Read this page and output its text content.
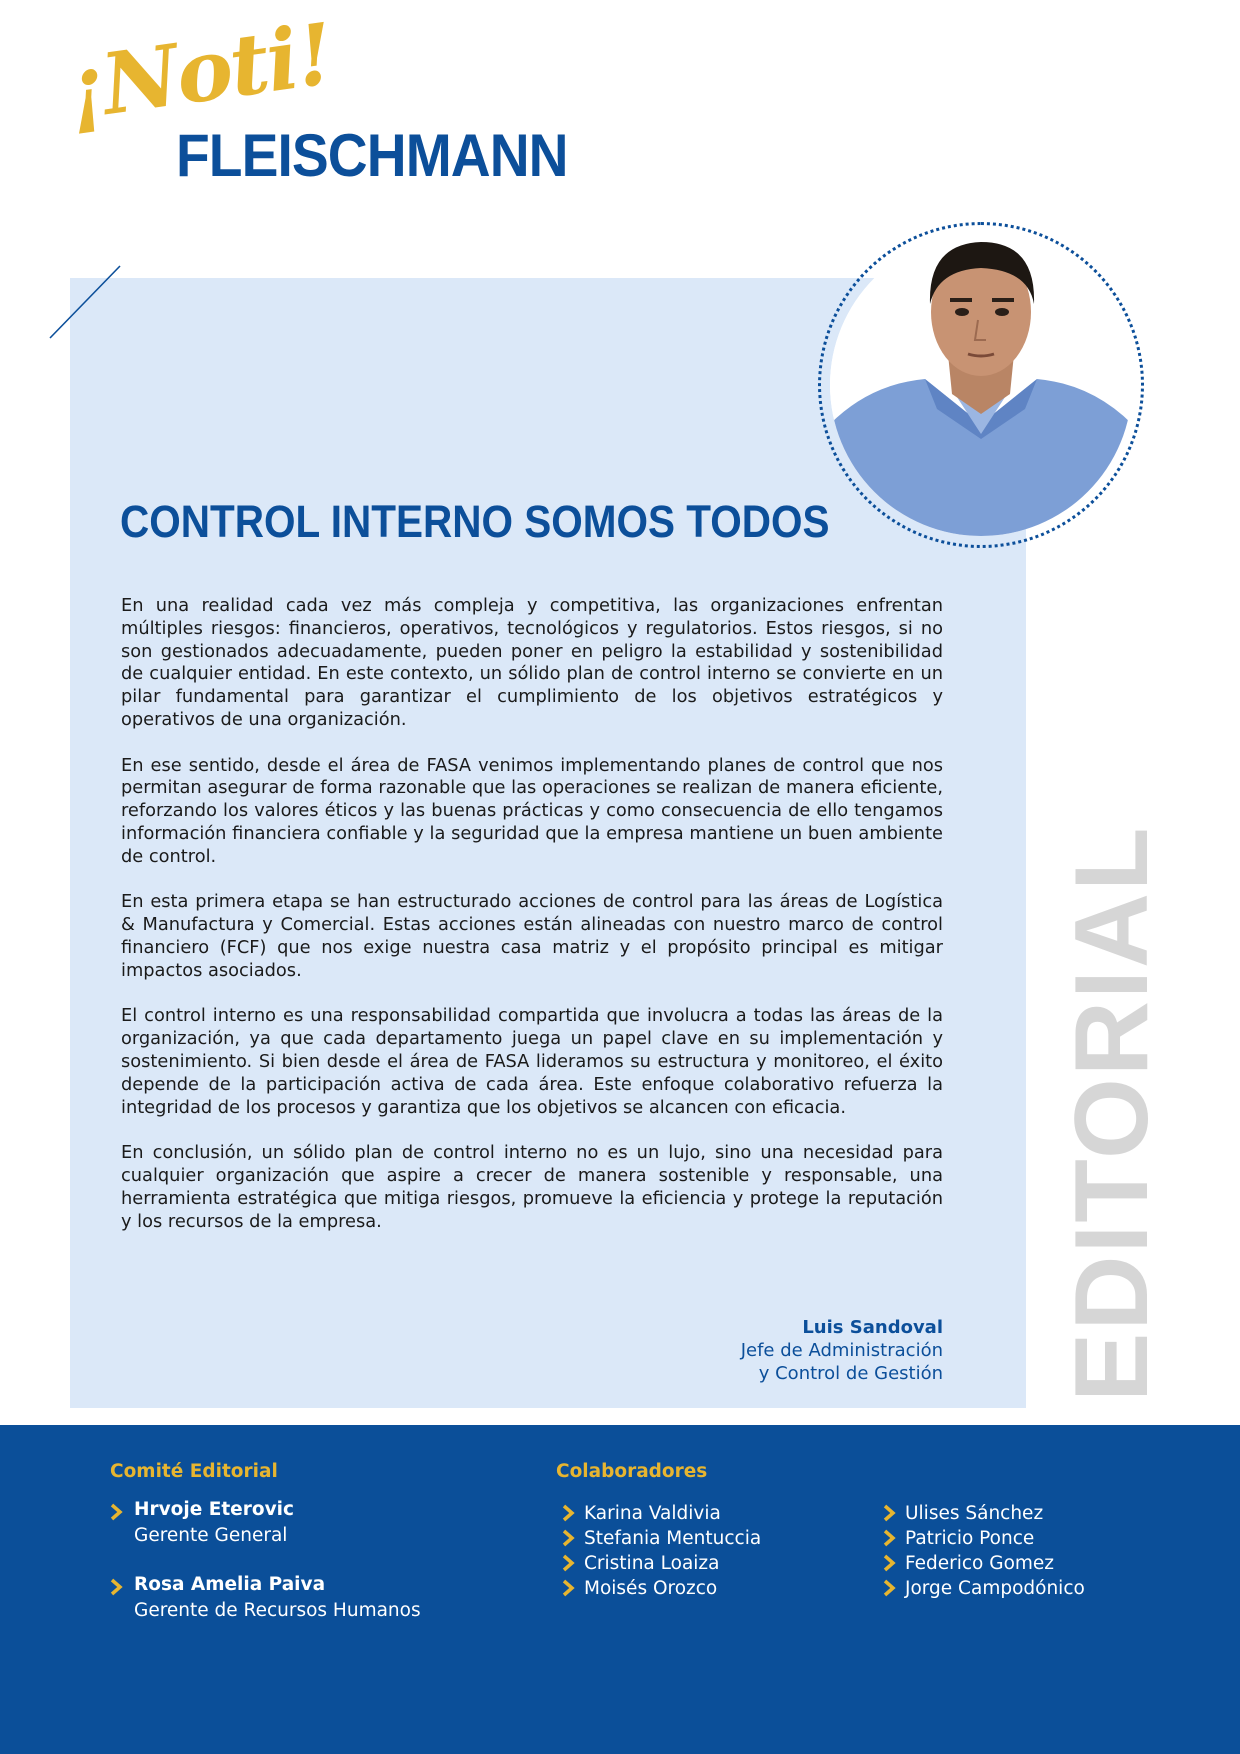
¡Noti!
FLEISCHMANN
CONTROL INTERNO SOMOS TODOS

En una realidad cada vez más compleja y competitiva, las organizaciones enfrentan múltiples riesgos: financieros, operativos, tecnológicos y regulatorios. Estos riesgos, si no son gestionados adecuadamente, pueden poner en peligro la estabilidad y sostenibilidad de cualquier entidad. En este contexto, un sólido plan de control interno se convierte en un pilar fundamental para garantizar el cumplimiento de los objetivos estratégicos y operativos de una organización.

En ese sentido, desde el área de FASA venimos implementando planes de control que nos permitan asegurar de forma razonable que las operaciones se realizan de manera eficiente, reforzando los valores éticos y las buenas prácticas y como consecuencia de ello tengamos información financiera confiable y la seguridad que la empresa mantiene un buen ambiente de control.

En esta primera etapa se han estructurado acciones de control para las áreas de Logística & Manufactura y Comercial. Estas acciones están alineadas con nuestro marco de control financiero (FCF) que nos exige nuestra casa matriz y el propósito principal es mitigar impactos asociados.

El control interno es una responsabilidad compartida que involucra a todas las áreas de la organización, ya que cada departamento juega un papel clave en su implementación y sostenimiento. Si bien desde el área de FASA lideramos su estructura y monitoreo, el éxito depende de la participación activa de cada área. Este enfoque colaborativo refuerza la integridad de los procesos y garantiza que los objetivos se alcancen con eficacia.

En conclusión, un sólido plan de control interno no es un lujo, sino una necesidad para cualquier organización que aspire a crecer de manera sostenible y responsable, una herramienta estratégica que mitiga riesgos, promueve la eficiencia y protege la reputación y los recursos de la empresa.

Luis Sandoval
Jefe de Administración
y Control de Gestión EDITORIAL
Comité Editorial
Hrvoje Eterovic
Gerente General
Rosa Amelia Paiva
Gerente de Recursos Humanos
Colaboradores
Karina Valdivia
Stefania Mentuccia
Cristina Loaiza
Moisés Orozco
Ulises Sánchez
Patricio Ponce
Federico Gomez
Jorge Campodónico
